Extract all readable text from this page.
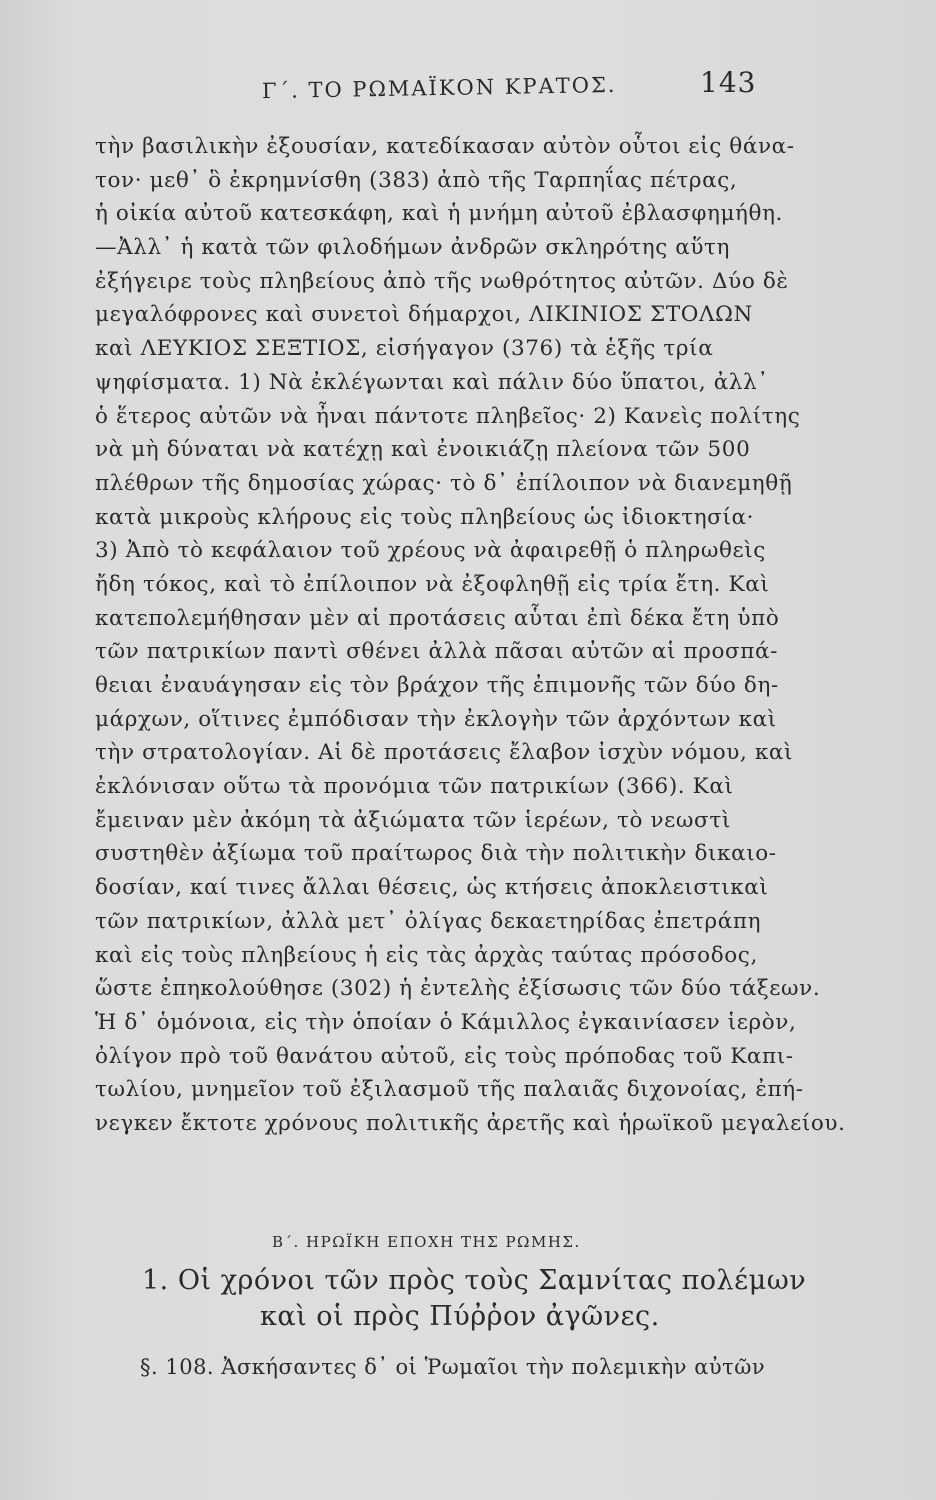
Γ΄. ΤΟ ΡΩΜΑΪΚΟΝ ΚΡΑΤΟΣ.	143
τὴν βασιλικὴν ἐξουσίαν, κατεδίκασαν αὐτὸν οὗτοι εἰς θάνα-
τον· μεθ᾽ ὃ ἐκρημνίσθη (383) ἀπὸ τῆς Ταρπηΐας πέτρας,
ἡ οἰκία αὐτοῦ κατεσκάφη, καὶ ἡ μνήμη αὐτοῦ ἐβλασφημήθη.
—Ἀλλ᾽ ἡ κατὰ τῶν φιλοδήμων ἀνδρῶν σκληρότης αὕτη
ἐξήγειρε τοὺς πληβείους ἀπὸ τῆς νωθρότητος αὐτῶν. Δύο δὲ
μεγαλόφρονες καὶ συνετοὶ δήμαρχοι, ΛΙΚΙΝΙΟΣ ΣΤΟΛΩΝ
καὶ ΛΕΥΚΙΟΣ ΣΕΞΤΙΟΣ, εἰσήγαγον (376) τὰ ἑξῆς τρία
ψηφίσματα. 1) Νὰ ἐκλέγωνται καὶ πάλιν δύο ὕπατοι, ἀλλ᾽
ὁ ἕτερος αὐτῶν νὰ ἦναι πάντοτε πληβεῖος· 2) Κανεὶς πολίτης
νὰ μὴ δύναται νὰ κατέχῃ καὶ ἐνοικιάζῃ πλείονα τῶν 500
πλέθρων τῆς δημοσίας χώρας· τὸ δ᾽ ἐπίλοιπον νὰ διανεμηθῇ
κατὰ μικροὺς κλήρους εἰς τοὺς πληβείους ὡς ἰδιοκτησία·
3) Ἀπὸ τὸ κεφάλαιον τοῦ χρέους νὰ ἀφαιρεθῇ ὁ πληρωθεὶς
ἤδη τόκος, καὶ τὸ ἐπίλοιπον νὰ ἐξοφληθῇ εἰς τρία ἔτη. Καὶ
κατεπολεμήθησαν μὲν αἱ προτάσεις αὗται ἐπὶ δέκα ἔτη ὑπὸ
τῶν πατρικίων παντὶ σθένει ἀλλὰ πᾶσαι αὐτῶν αἱ προσπά-
θειαι ἐναυάγησαν εἰς τὸν βράχον τῆς ἐπιμονῆς τῶν δύο δη-
μάρχων, οἵτινες ἐμπόδισαν τὴν ἐκλογὴν τῶν ἀρχόντων καὶ
τὴν στρατολογίαν. Αἱ δὲ προτάσεις ἔλαβον ἰσχὺν νόμου, καὶ
ἐκλόνισαν οὕτω τὰ προνόμια τῶν πατρικίων (366). Καὶ
ἔμειναν μὲν ἀκόμη τὰ ἀξιώματα τῶν ἱερέων, τὸ νεωστὶ
συστηθὲν ἀξίωμα τοῦ πραίτωρος διὰ τὴν πολιτικὴν δικαιο-
δοσίαν, καί τινες ἄλλαι θέσεις, ὡς κτήσεις ἀποκλειστικαὶ
τῶν πατρικίων, ἀλλὰ μετ᾽ ὀλίγας δεκαετηρίδας ἐπετράπη
καὶ εἰς τοὺς πληβείους ἡ εἰς τὰς ἀρχὰς ταύτας πρόσοδος,
ὥστε ἐπηκολούθησε (302) ἡ ἐντελὴς ἐξίσωσις τῶν δύο τάξεων.
Ἡ δ᾽ ὁμόνοια, εἰς τὴν ὁποίαν ὁ Κάμιλλος ἐγκαινίασεν ἱερὸν,
ὀλίγον πρὸ τοῦ θανάτου αὐτοῦ, εἰς τοὺς πρόποδας τοῦ Καπι-
τωλίου, μνημεῖον τοῦ ἐξιλασμοῦ τῆς παλαιᾶς διχονοίας, ἐπή-
νεγκεν ἔκτοτε χρόνους πολιτικῆς ἀρετῆς καὶ ἡρωϊκοῦ μεγαλείου.
Β΄. ΗΡΩΪΚΗ ΕΠΟΧΗ ΤΗΣ ΡΩΜΗΣ.
1. Οἱ χρόνοι τῶν πρὸς τοὺς Σαμνίτας πολέμων
καὶ οἱ πρὸς Πύῤῥον ἀγῶνες.
§. 108. Ἀσκήσαντες δ᾽ οἱ Ῥωμαῖοι τὴν πολεμικὴν αὐτῶν
